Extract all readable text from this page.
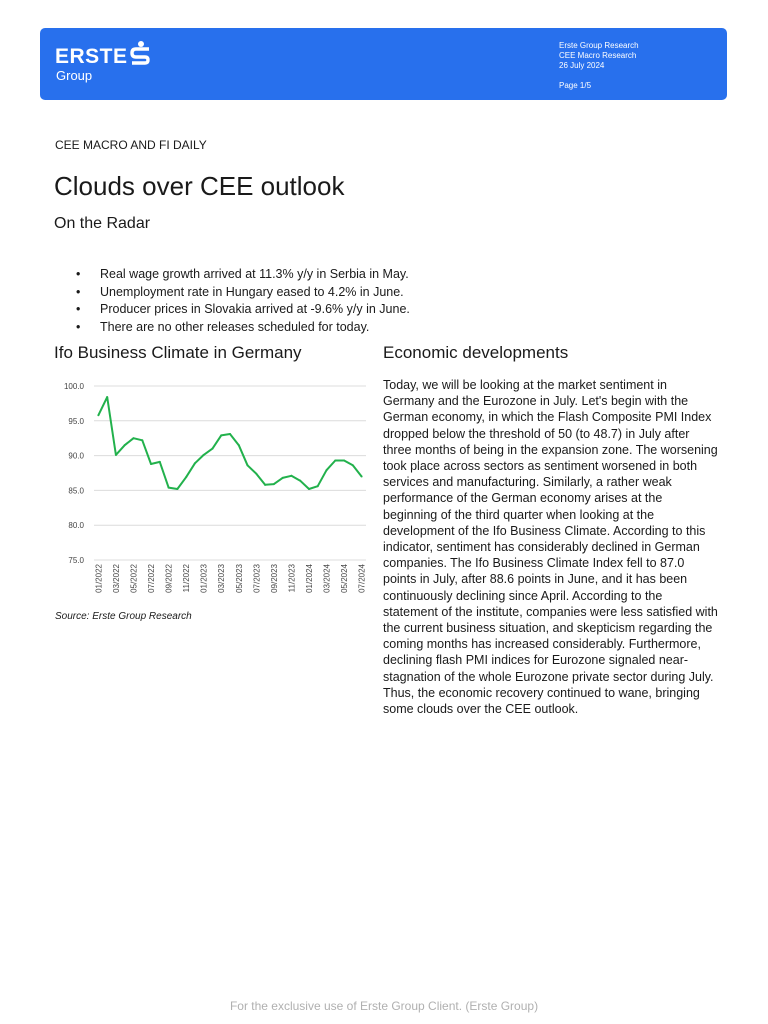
ERSTE
Group
Erste Group Research
CEE Macro Research
26 July 2024
Page 1/5
CEE MACRO AND FI DAILY
Clouds over CEE outlook
On the Radar
• Real wage growth arrived at 11.3% y/y in Serbia in May.
• Unemployment rate in Hungary eased to 4.2% in June.
• Producer prices in Slovakia arrived at -9.6% y/y in June.
• There are no other releases scheduled for today.
Ifo Business Climate in Germany
100.0
95.0
90.0
85.0
80.0
75.0
01/2022 03/2022 05/2022 07/2022 09/2022 11/2022 01/2023 03/2023 05/2023 07/2023 09/2023 11/2023 01/2024 03/2024 05/2024 07/2024
Source: Erste Group Research
Economic developments

Today, we will be looking at the market sentiment in Germany and the Eurozone in July. Let's begin with the German economy, in which the Flash Composite PMI Index dropped below the threshold of 50 (to 48.7) in July after three months of being in the expansion zone. The worsening took place across sectors as sentiment worsened in both services and manufacturing. Similarly, a rather weak performance of the German economy arises at the beginning of the third quarter when looking at the development of the Ifo Business Climate. According to this indicator, sentiment has considerably declined in German companies. The Ifo Business Climate Index fell to 87.0 points in July, after 88.6 points in June, and it has been continuously declining since April. According to the statement of the institute, companies were less satisfied with the current business situation, and skepticism regarding the coming months has increased considerably. Furthermore, declining flash PMI indices for Eurozone signaled near-stagnation of the whole Eurozone private sector during July. Thus, the economic recovery continued to wane, bringing some clouds over the CEE outlook.

For the exclusive use of Erste Group Client. (Erste Group)
